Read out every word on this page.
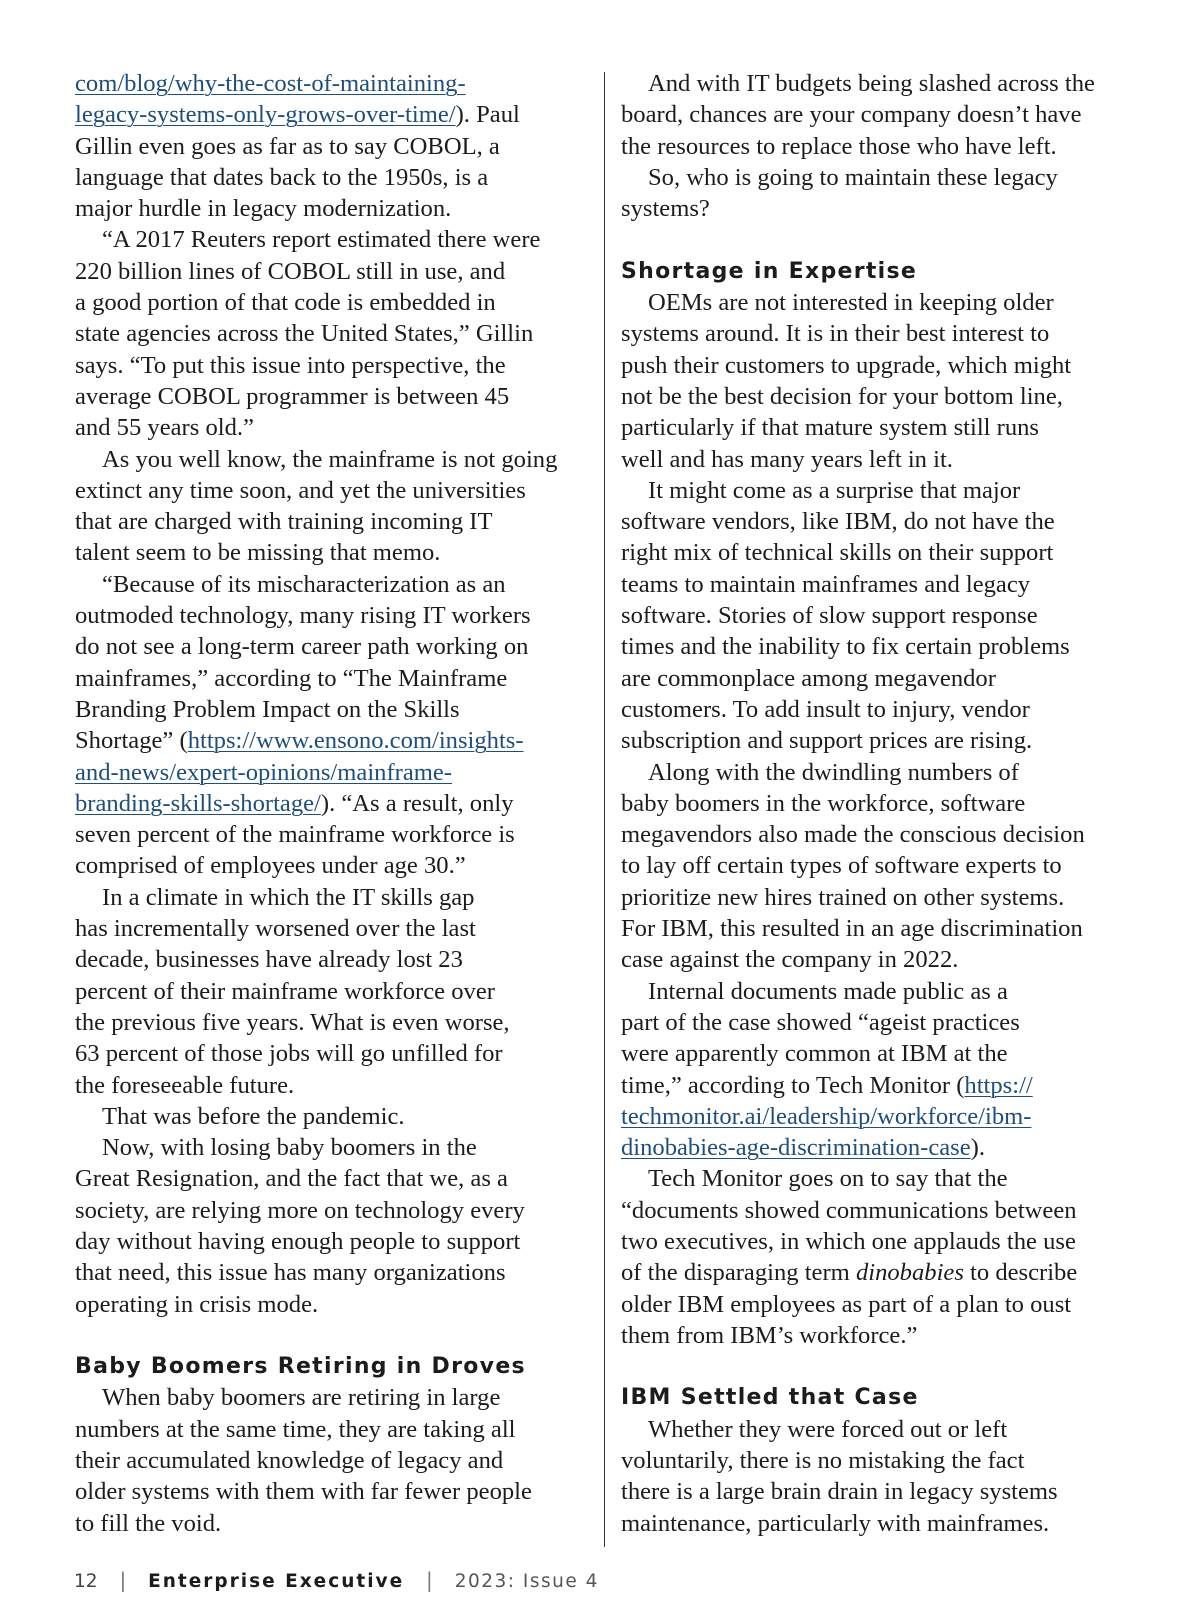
com/blog/why-the-cost-of-maintaining-
legacy-systems-only-grows-over-time/). Paul
Gillin even goes as far as to say COBOL, a
language that dates back to the 1950s, is a
major hurdle in legacy modernization.
“A 2017 Reuters report estimated there were
220 billion lines of COBOL still in use, and
a good portion of that code is embedded in
state agencies across the United States,” Gillin
says. “To put this issue into perspective, the
average COBOL programmer is between 45
and 55 years old.”
As you well know, the mainframe is not going
extinct any time soon, and yet the universities
that are charged with training incoming IT
talent seem to be missing that memo.
“Because of its mischaracterization as an
outmoded technology, many rising IT workers
do not see a long-term career path working on
mainframes,” according to “The Mainframe
Branding Problem Impact on the Skills
Shortage” (https://www.ensono.com/insights-
and-news/expert-opinions/mainframe-
branding-skills-shortage/). “As a result, only
seven percent of the mainframe workforce is
comprised of employees under age 30.”
In a climate in which the IT skills gap
has incrementally worsened over the last
decade, businesses have already lost 23
percent of their mainframe workforce over
the previous five years. What is even worse,
63 percent of those jobs will go unfilled for
the foreseeable future.
That was before the pandemic.
Now, with losing baby boomers in the
Great Resignation, and the fact that we, as a
society, are relying more on technology every
day without having enough people to support
that need, this issue has many organizations
operating in crisis mode.
Baby Boomers Retiring in Droves
When baby boomers are retiring in large
numbers at the same time, they are taking all
their accumulated knowledge of legacy and
older systems with them with far fewer people
to fill the void.
And with IT budgets being slashed across the
board, chances are your company doesn’t have
the resources to replace those who have left.
So, who is going to maintain these legacy
systems?
Shortage in Expertise
OEMs are not interested in keeping older
systems around. It is in their best interest to
push their customers to upgrade, which might
not be the best decision for your bottom line,
particularly if that mature system still runs
well and has many years left in it.
It might come as a surprise that major
software vendors, like IBM, do not have the
right mix of technical skills on their support
teams to maintain mainframes and legacy
software. Stories of slow support response
times and the inability to fix certain problems
are commonplace among megavendor
customers. To add insult to injury, vendor
subscription and support prices are rising.
Along with the dwindling numbers of
baby boomers in the workforce, software
megavendors also made the conscious decision
to lay off certain types of software experts to
prioritize new hires trained on other systems.
For IBM, this resulted in an age discrimination
case against the company in 2022.
Internal documents made public as a
part of the case showed “ageist practices
were apparently common at IBM at the
time,” according to Tech Monitor (https://
techmonitor.ai/leadership/workforce/ibm-
dinobabies-age-discrimination-case).
Tech Monitor goes on to say that the
“documents showed communications between
two executives, in which one applauds the use
of the disparaging term dinobabies to describe
older IBM employees as part of a plan to oust
them from IBM’s workforce.”
IBM Settled that Case
Whether they were forced out or left
voluntarily, there is no mistaking the fact
there is a large brain drain in legacy systems
maintenance, particularly with mainframes.
12 | Enterprise Executive | 2023: Issue 4
